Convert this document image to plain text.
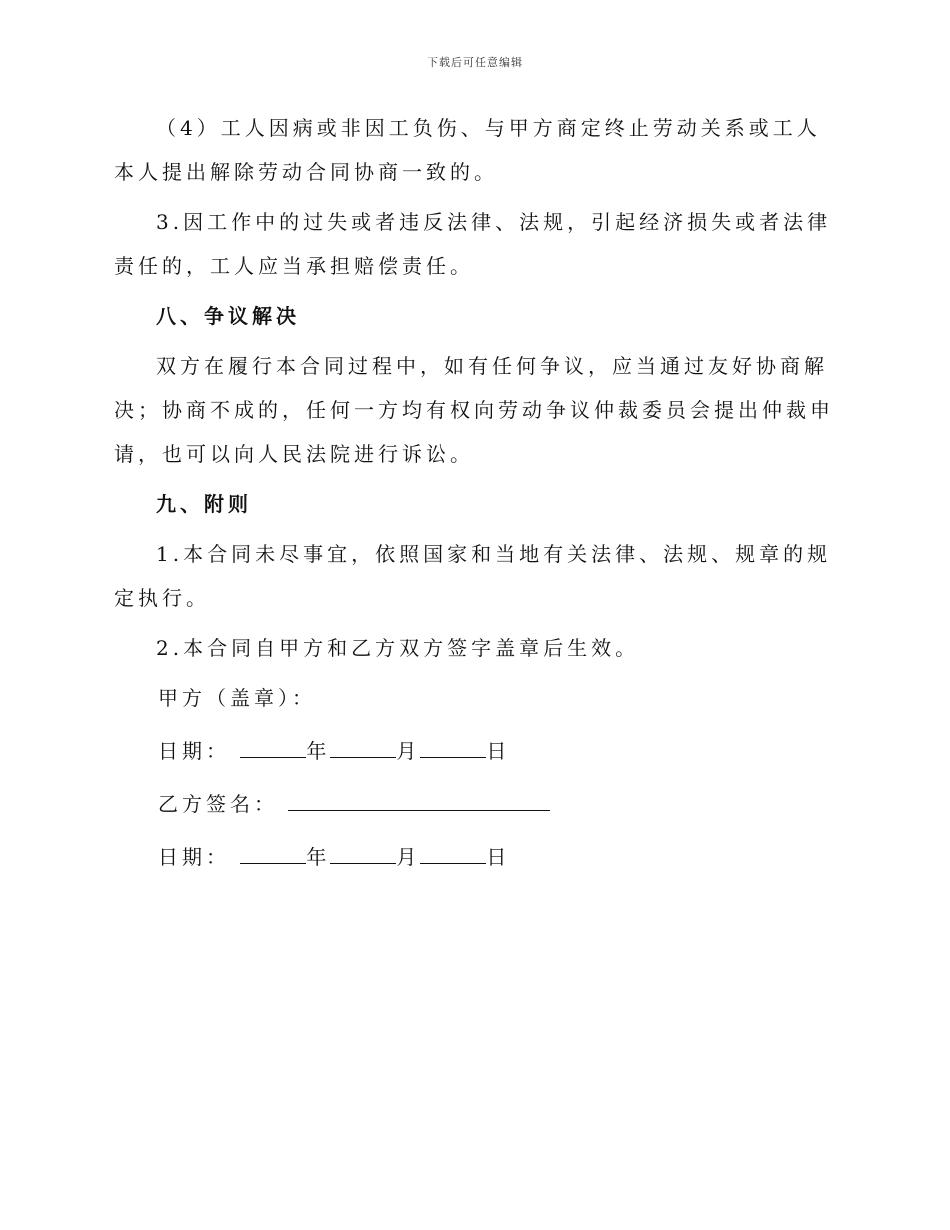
下载后可任意编辑

（4）工人因病或非因工负伤、与甲方商定终止劳动关系或工人本人提出解除劳动合同协商一致的。

3.因工作中的过失或者违反法律、法规，引起经济损失或者法律责任的，工人应当承担赔偿责任。

八、争议解决

双方在履行本合同过程中，如有任何争议，应当通过友好协商解决；协商不成的，任何一方均有权向劳动争议仲裁委员会提出仲裁申请，也可以向人民法院进行诉讼。

九、附则

1.本合同未尽事宜，依照国家和当地有关法律、法规、规章的规定执行。

2.本合同自甲方和乙方双方签字盖章后生效。

甲方（盖章）：
日期：	年	月	日
乙方签名：
日期：	年	月	日
